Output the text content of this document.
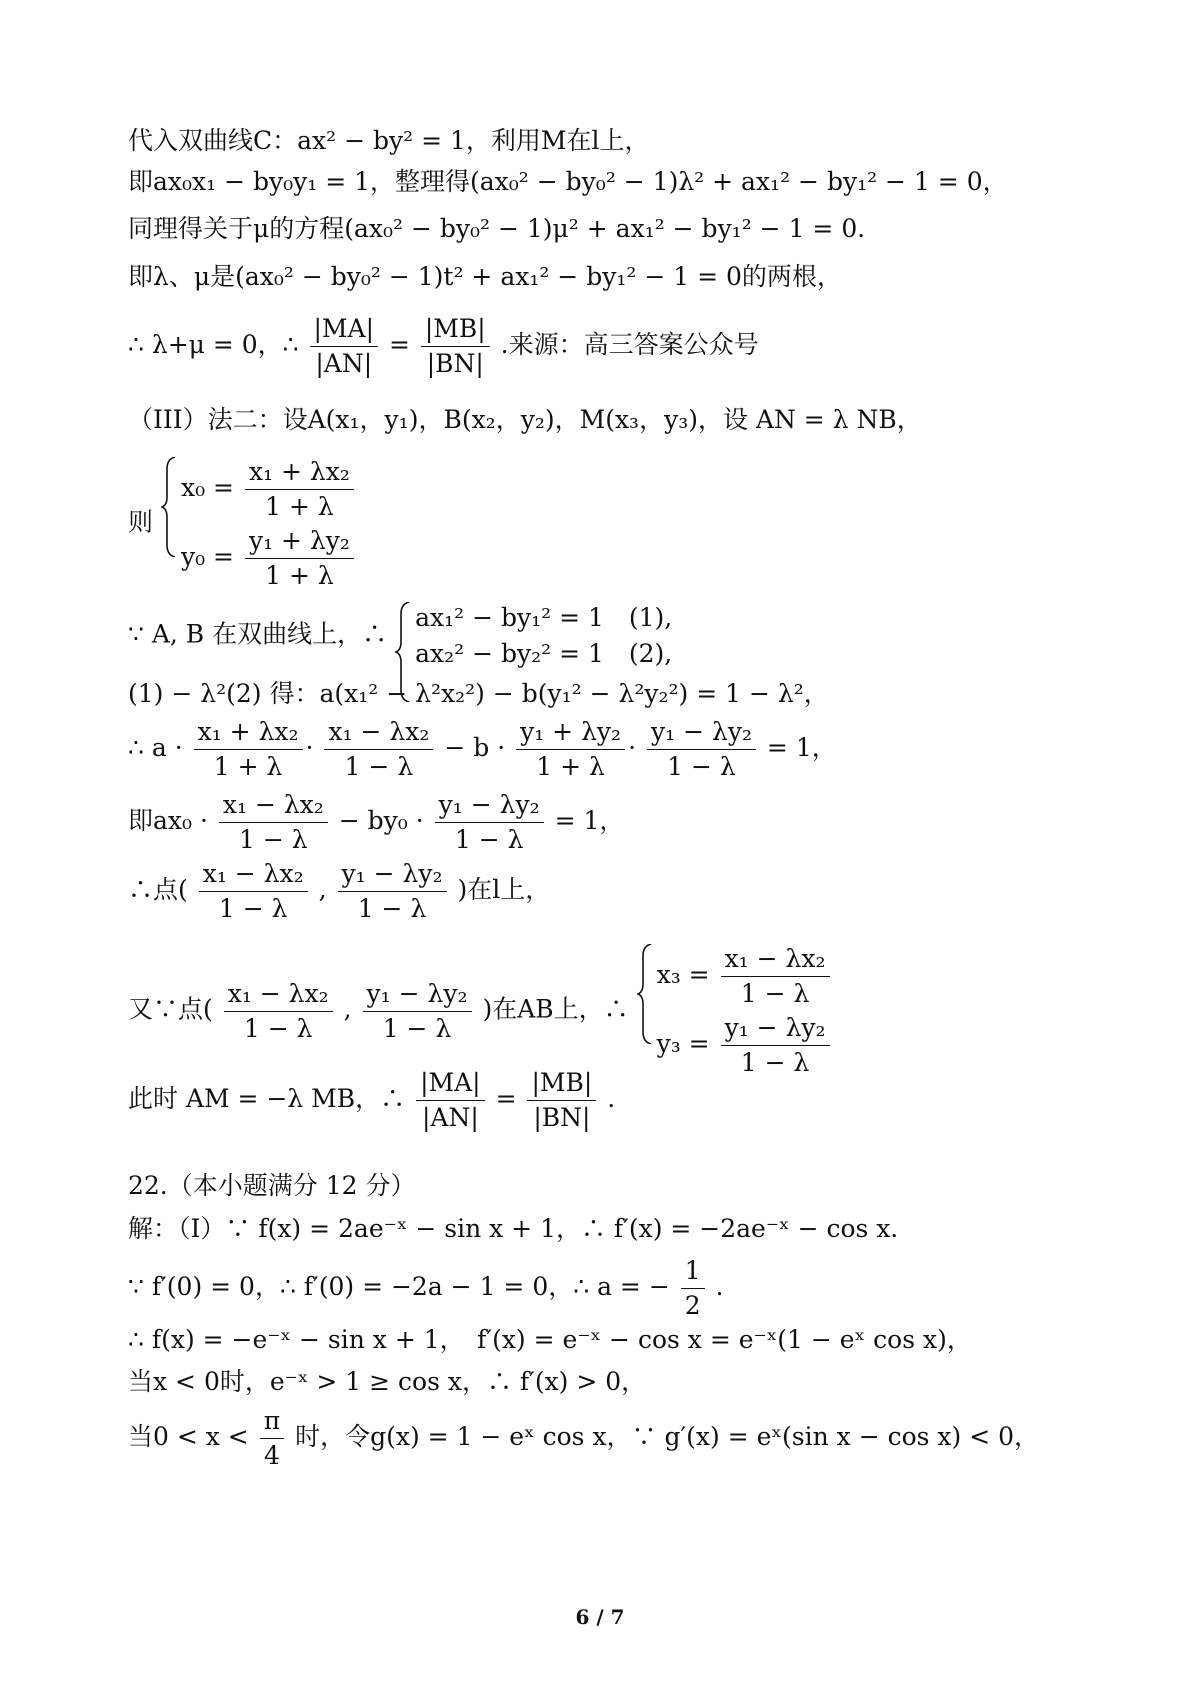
代入双曲线C：ax² − by² = 1，利用M在l上，
即ax₀x₁ − by₀y₁ = 1，整理得(ax₀² − by₀² − 1)λ² + ax₁² − by₁² − 1 = 0，
同理得关于μ的方程(ax₀² − by₀² − 1)μ² + ax₁² − by₁² − 1 = 0．
即λ、μ是(ax₀² − by₀² − 1)t² + ax₁² − by₁² − 1 = 0的两根，
∴ λ+μ = 0，∴ $\frac{|MA|}{|AN|} = \frac{|MB|}{|BN|}$ .来源：高三答案公众号
（III）法二：设A(x₁，y₁)，B(x₂，y₂)，M(x₃，y₃)，设 AN = λ NB，
则
$x_0 = \frac{\text{x₁ + λx₂}}{1 + \lambda}$
$y_0 = \frac{\text{y₁ + λy₂}}{1 + \lambda}$
∵ A, B 在双曲线上，∴
ax₁² − by₁² = 1　(1),
ax₂² − by₂² = 1　(2),
(1) − λ²(2) 得：a(x₁² − λ²x₂²) − b(y₁² − λ²y₂²) = 1 − λ²，
∴ $a \cdot \frac{\text{x₁ + λx₂}}{1 + \lambda} \cdot \frac{\text{x₁ − λx₂}}{1 - \lambda} - b \cdot \frac{\text{y₁ + λy₂}}{1 + \lambda} \cdot \frac{\text{y₁ − λy₂}}{1 - \lambda} = 1$，
即$ax_0 \cdot \frac{\text{x₁ − λx₂}}{1 - \lambda} - by_0 \cdot \frac{\text{y₁ − λy₂}}{1 - \lambda} = 1$，
∴点( $\frac{\text{x₁ − λx₂}}{1 - \lambda}$ , $\frac{\text{y₁ − λy₂}}{1 - \lambda}$ )在l上，
又∵点( $\frac{\text{x₁ − λx₂}}{1 - \lambda}$ , $\frac{\text{y₁ − λy₂}}{1 - \lambda}$ )在AB上，∴
$x_3 = \frac{\text{x₁ − λx₂}}{1 - \lambda}$
$y_3 = \frac{\text{y₁ − λy₂}}{1 - \lambda}$
此时 AM = −λ MB，∴ $\frac{|MA|}{|AN|} = \frac{|MB|}{|BN|}$ .
22.（本小题满分 12 分）
解：（I）∵ f(x) = 2ae⁻ˣ − sin x + 1，∴ f′(x) = −2ae⁻ˣ − cos x．
∵ f′(0) = 0，∴ f′(0) = −2a − 1 = 0，∴ a = − $\frac{1}{2}$ .
∴ f(x) = −e⁻ˣ − sin x + 1，　f′(x) = e⁻ˣ − cos x = e⁻ˣ(1 − eˣ cos x)，
当x < 0时，e⁻ˣ > 1 ≥ cos x，∴ f′(x) > 0，
当$0 < x < \frac{\pi}{4}$ 时，令g(x) = 1 − eˣ cos x，∵ g′(x) = eˣ(sin x − cos x) < 0，
6 / 7
